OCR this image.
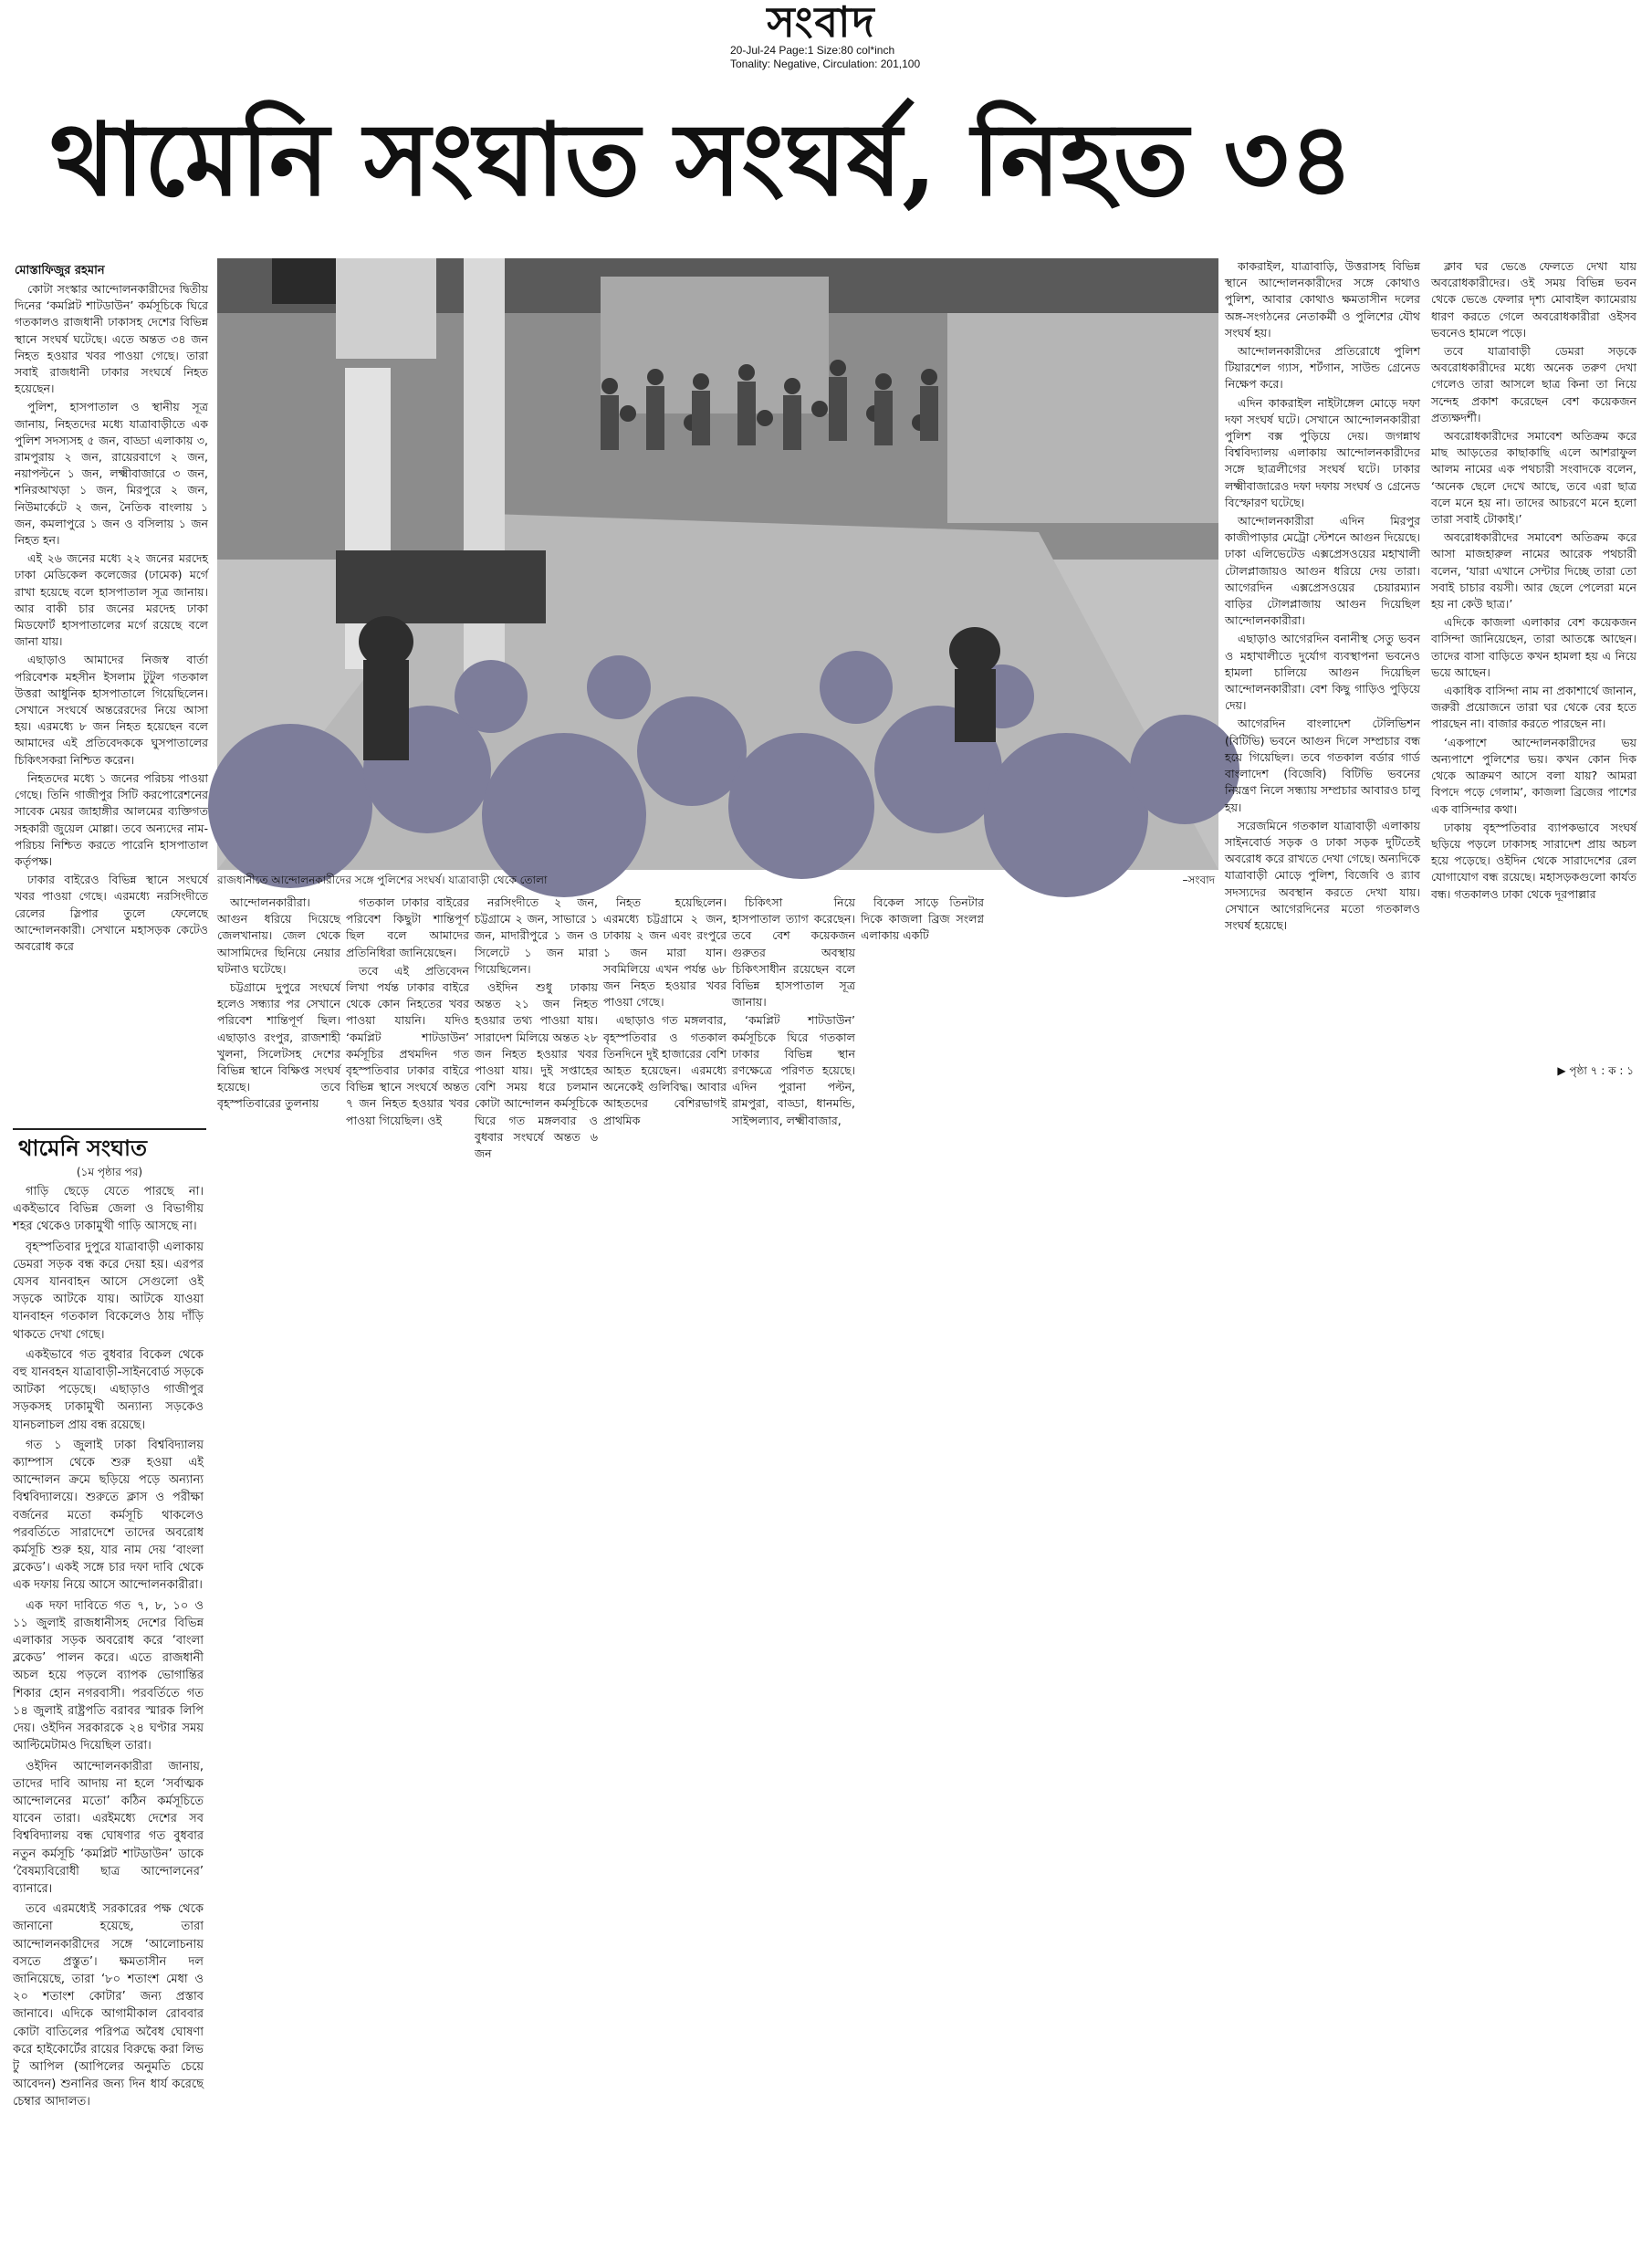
সংবাদ
20-Jul-24 Page:1 Size:80 col*inch
Tonality: Negative, Circulation: 201,100
থামেনি সংঘাত সংঘর্ষ, নিহত ৩৪
মোস্তাফিজুর রহমান

কোটা সংস্কার আন্দোলনকারীদের দ্বিতীয় দিনের ‘কমপ্লিট শাটডাউন’ কর্মসূচিকে ঘিরে গতকালও রাজধানী ঢাকাসহ দেশের বিভিন্ন স্থানে সংঘর্ষ ঘটেছে। এতে অন্তত ৩৪ জন নিহত হওয়ার খবর পাওয়া গেছে। তারা সবাই রাজধানী ঢাকার সংঘর্ষে নিহত হয়েছেন।

পুলিশ, হাসপাতাল ও স্থানীয় সূত্র জানায়, নিহতদের মধ্যে যাত্রাবাড়ীতে এক পুলিশ সদস্যসহ ৫ জন, বাড্ডা এলাকায় ৩, রামপুরায় ২ জন, রায়েরবাগে ২ জন, নয়াপল্টনে ১ জন, লক্ষ্মীবাজারে ৩ জন, শনিরআখড়া ১ জন, মিরপুরে ২ জন, নিউমার্কেটে ২ জন, নৈতিক বাংলায় ১ জন, কমলাপুরে ১ জন ও বসিলায় ১ জন নিহত হন।

এই ২৬ জনের মধ্যে ২২ জনের মরদেহ ঢাকা মেডিকেল কলেজের (ঢামেক) মর্গে রাখা হয়েছে বলে হাসপাতাল সূত্র জানায়। আর বাকী চার জনের মরদেহ ঢাকা মিডফোর্ট হাসপাতালের মর্গে রয়েছে বলে জানা যায়।

এছাড়াও আমাদের নিজস্ব বার্তা পরিবেশক মহসীন ইসলাম টুটুল গতকাল উত্তরা আধুনিক হাসপাতালে গিয়েছিলেন। সেখানে সংঘর্ষে অন্তরেরদের নিয়ে আসা হয়। এরমধ্যে ৮ জন নিহত হয়েছেন বলে আমাদের এই প্রতিবেদককে ঘুসপাতালের চিকিৎসকরা নিশ্চিত করেন।

নিহতদের মধ্যে ১ জনের পরিচয় পাওয়া গেছে। তিনি গাজীপুর সিটি করপোরেশনের সাবেক মেয়র জাহাঙ্গীর আলমের ব্যক্তিগত সহকারী জুয়েল মোল্লা। তবে অন্যদের নাম-পরিচয় নিশ্চিত করতে পারেনি হাসপাতাল কর্তৃপক্ষ।

ঢাকার বাইরেও বিভিন্ন স্থানে সংঘর্ষে খবর পাওয়া গেছে। এরমধ্যে নরসিংদীতে রেলের স্লিপার তুলে ফেলেছে আন্দোলনকারী। সেখানে মহাসড়ক কেটেও অবরোধ করে

রাজধানীতে আন্দোলনকারীদের সঙ্গে পুলিশের সংঘর্ষ। যাত্রাবাড়ী থেকে তোলা	–সংবাদ

আন্দোলনকারীরা। আগুন ধরিয়ে দিয়েছে জেলখানায়। জেল থেকে আসামিদের ছিনিয়ে নেয়ার ঘটনাও ঘটেছে।

চট্টগ্রামে দুপুরে সংঘর্ষে হলেও সন্ধ্যার পর সেখানে পরিবেশ শান্তিপূর্ণ ছিল। এছাড়াও রংপুর, রাজশাহী খুলনা, সিলেটসহ দেশের বিভিন্ন স্থানে বিক্ষিপ্ত সংঘর্ষ হয়েছে। তবে বৃহস্পতিবারের তুলনায়

গতকাল ঢাকার বাইরের পরিবেশ কিছুটা শান্তিপূর্ণ ছিল বলে আমাদের প্রতিনিধিরা জানিয়েছেন।

তবে এই প্রতিবেদন লিখা পর্যন্ত ঢাকার বাইরে থেকে কোন নিহতের খবর পাওয়া যায়নি। যদিও ‘কমপ্লিট শাটডাউন’ কর্মসূচির প্রথমদিন গত বৃহস্পতিবার ঢাকার বাইরে বিভিন্ন স্থানে সংঘর্ষে অন্তত ৭ জন নিহত হওয়ার খবর পাওয়া গিয়েছিল। ওই

নরসিংদীতে ২ জন, চট্টগ্রামে ২ জন, সাভারে ১ জন, মাদারীপুরে ১ জন ও সিলেটে ১ জন মারা গিয়েছিলেন।

ওইদিন শুধু ঢাকায় অন্তত ২১ জন নিহত হওয়ার তথ্য পাওয়া যায়। সারাদেশ মিলিয়ে অন্তত ২৮ জন নিহত হওয়ার খবর পাওয়া যায়। দুই সপ্তাহের বেশি সময় ধরে চলমান কোটা আন্দোলন কর্মসূচিকে ঘিরে গত মঙ্গলবার ও বুধবার সংঘর্ষে অন্তত ৬ জন

নিহত হয়েছিলেন। এরমধ্যে চট্টগ্রামে ২ জন, ঢাকায় ২ জন এবং রংপুরে ১ জন মারা যান। সবমিলিয়ে এখন পর্যন্ত ৬৮ জন নিহত হওয়ার খবর পাওয়া গেছে।

এছাড়াও গত মঙ্গলবার, বৃহস্পতিবার ও গতকাল তিনদিনে দুই হাজারের বেশি আহত হয়েছেন। এরমধ্যে অনেকেই গুলিবিদ্ধ। আবার আহতদের বেশিরভাগই প্রাথমিক

চিকিৎসা নিয়ে হাসপাতাল ত্যাগ করেছেন। তবে বেশ কয়েকজন গুরুতর অবস্থায় চিকিৎসাধীন রয়েছেন বলে বিভিন্ন হাসপাতাল সূত্র জানায়।

‘কমপ্লিট শাটডাউন’ কর্মসূচিকে ঘিরে গতকাল ঢাকার বিভিন্ন স্থান রণক্ষেত্রে পরিণত হয়েছে। এদিন পুরানা পল্টন, রামপুরা, বাড্ডা, ধানমন্ডি, সাইন্সল্যাব, লক্ষ্মীবাজার,

বিকেল সাড়ে তিনটার দিকে কাজলা ব্রিজ সংলগ্ন এলাকায় একটি

কাকরাইল, যাত্রাবাড়ি, উত্তরাসহ বিভিন্ন স্থানে আন্দোলনকারীদের সঙ্গে কোথাও পুলিশ, আবার কোথাও ক্ষমতাসীন দলের অঙ্গ-সংগঠনের নেতাকর্মী ও পুলিশের যৌথ সংঘর্ষ হয়।

আন্দোলনকারীদের প্রতিরোধে পুলিশ টিয়ারশেল গ্যাস, শর্টগান, সাউন্ড গ্রেনেড নিক্ষেপ করে।

এদিন কাকরাইল নাইটাঙ্গেল মোড়ে দফা দফা সংঘর্ষ ঘটে। সেখানে আন্দোলনকারীরা পুলিশ বক্স পুড়িয়ে দেয়। জগন্নাথ বিশ্ববিদ্যালয় এলাকায় আন্দোলনকারীদের সঙ্গে ছাত্রলীগের সংঘর্ষ ঘটে। ঢাকার লক্ষ্মীবাজারেও দফা দফায় সংঘর্ষ ও গ্রেনেড বিস্ফোরণ ঘটেছে।

আন্দোলনকারীরা এদিন মিরপুর কাজীপাড়ার মেট্রো স্টেশনে আগুন দিয়েছে। ঢাকা এলিভেটেড এক্সপ্রেসওয়ের মহাখালী টোলপ্লাজায়ও আগুন ধরিয়ে দেয় তারা। আগেরদিন এক্সপ্রেসওয়ের চেয়ারম্যান বাড়ির টোলপ্লাজায় আগুন দিয়েছিল আন্দোলনকারীরা।

এছাড়াও আগেরদিন বনানীস্থ সেতু ভবন ও মহাখালীতে দুর্যোগ ব্যবস্থাপনা ভবনেও হামলা চালিয়ে আগুন দিয়েছিল আন্দোলনকারীরা। বেশ কিছু গাড়িও পুড়িয়ে দেয়।

আগেরদিন বাংলাদেশ টেলিভিশন (বিটিভি) ভবনে আগুন দিলে সম্প্রচার বন্ধ হয়ে গিয়েছিল। তবে গতকাল বর্ডার গার্ড বাংলাদেশ (বিজেবি) বিটিভি ভবনের নিয়ন্ত্রণ নিলে সন্ধ্যায় সম্প্রচার আবারও চালু হয়।

সরেজমিনে গতকাল যাত্রাবাড়ী এলাকায় সাইনবোর্ড সড়ক ও ঢাকা সড়ক দুটিতেই অবরোধ করে রাখতে দেখা গেছে। অন্যদিকে যাত্রাবাড়ী মোড়ে পুলিশ, বিজেবি ও র‍্যাব সদস্যদের অবস্থান করতে দেখা যায়। সেখানে আগেরদিনের মতো গতকালও সংঘর্ষ হয়েছে।

ক্লাব ঘর ভেঙে ফেলতে দেখা যায় অবরোধকারীদের। ওই সময় বিভিন্ন ভবন থেকে ভেঙে ফেলার দৃশ্য মোবাইল ক্যামেরায় ধারণ করতে গেলে অবরোধকারীরা ওইসব ভবনেও হামলে পড়ে।

তবে যাত্রাবাড়ী ডেমরা সড়কে অবরোধকারীদের মধ্যে অনেক তরুণ দেখা গেলেও তারা আসলে ছাত্র কিনা তা নিয়ে সন্দেহ প্রকাশ করেছেন বেশ কয়েকজন প্রত্যক্ষদর্শী।

অবরোধকারীদের সমাবেশ অতিক্রম করে মাছ আড়তের কাছাকাছি এলে আশরাফুল আলম নামের এক পথচারী সংবাদকে বলেন, ‘অনেক ছেলে দেখে আছে, তবে এরা ছাত্র বলে মনে হয় না। তাদের আচরণে মনে হলো তারা সবাই টোকাই।’

অবরোধকারীদের সমাবেশ অতিক্রম করে আসা মাজহারুল নামের আরেক পথচারী বলেন, ‘যারা এখানে সেন্টার দিচ্ছে তারা তো সবাই চাচার বয়সী। আর ছেলে পেলেরা মনে হয় না কেউ ছাত্র।’

এদিকে কাজলা এলাকার বেশ কয়েকজন বাসিন্দা জানিয়েছেন, তারা আতঙ্কে আছেন। তাদের বাসা বাড়িতে কখন হামলা হয় এ নিয়ে ভয়ে আছেন।

একাধিক বাসিন্দা নাম না প্রকাশার্থে জানান, জরুরী প্রয়োজনে তারা ঘর থেকে বের হতে পারছেন না। বাজার করতে পারছেন না।

‘একপাশে আন্দোলনকারীদের ভয় অন্যপাশে পুলিশের ভয়। কখন কোন দিক থেকে আক্রমণ আসে বলা যায়? আমরা বিপদে পড়ে গেলাম’, কাজলা ব্রিজের পাশের এক বাসিন্দার কথা।

ঢাকায় বৃহস্পতিবার ব্যাপকভাবে সংঘর্ষ ছড়িয়ে পড়লে ঢাকাসহ সারাদেশ প্রায় অচল হয়ে পড়েছে। ওইদিন থেকে সারাদেশের রেল যোগাযোগ বন্ধ রয়েছে। মহাসড়কগুলো কার্যত বন্ধ। গতকালও ঢাকা থেকে দূরপাল্লার

▶ পৃষ্ঠা ৭ : ক : ১
থামেনি সংঘাত
(১ম পৃষ্ঠার পর)

গাড়ি ছেড়ে যেতে পারছে না। একইভাবে বিভিন্ন জেলা ও বিভাগীয় শহর থেকেও ঢাকামুখী গাড়ি আসছে না।

বৃহস্পতিবার দুপুরে যাত্রাবাড়ী এলাকায় ডেমরা সড়ক বন্ধ করে দেয়া হয়। এরপর যেসব যানবাহন আসে সেগুলো ওই সড়কে আটকে যায়। আটকে যাওয়া যানবাহন গতকাল বিকেলেও ঠায় দাঁড়ি থাকতে দেখা গেছে।

একইভাবে গত বুধবার বিকেল থেকে বহু যানবহন যাত্রাবাড়ী-সাইনবোর্ড সড়কে আটকা পড়েছে। এছাড়াও গাজীপুর সড়কসহ ঢাকামুখী অন্যান্য সড়কেও যানচলাচল প্রায় বন্ধ রয়েছে।

গত ১ জুলাই ঢাকা বিশ্ববিদ্যালয় ক্যাম্পাস থেকে শুরু হওয়া এই আন্দোলন ক্রমে ছড়িয়ে পড়ে অন্যান্য বিশ্ববিদ্যালয়ে। শুরুতে ক্লাস ও পরীক্ষা বর্জনের মতো কর্মসূচি থাকলেও পরবর্তিতে সারাদেশে তাদের অবরোধ কর্মসূচি শুরু হয়, যার নাম দেয় ‘বাংলা ব্লকেড’। একই সঙ্গে চার দফা দাবি থেকে এক দফায় নিয়ে আসে আন্দোলনকারীরা।

এক দফা দাবিতে গত ৭, ৮, ১০ ও ১১ জুলাই রাজধানীসহ দেশের বিভিন্ন এলাকার সড়ক অবরোধ করে ‘বাংলা ব্লকেড’ পালন করে। এতে রাজধানী অচল হয়ে পড়লে ব্যাপক ভোগান্তির শিকার হোন নগরবাসী। পরবর্তিতে গত ১৪ জুলাই রাষ্ট্রপতি বরাবর স্মারক লিপি দেয়। ওইদিন সরকারকে ২৪ ঘণ্টার সময় আল্টিমেটামও দিয়েছিল তারা।

ওইদিন আন্দোলনকারীরা জানায়, তাদের দাবি আদায় না হলে ‘সর্বাত্মক আন্দোলনের মতো’ কঠিন কর্মসূচিতে যাবেন তারা। এরইমধ্যে দেশের সব বিশ্ববিদ্যালয় বন্ধ ঘোষণার গত বুধবার নতুন কর্মসূচি ‘কমপ্লিট শাটডাউন’ ডাকে ‘বৈষম্যবিরোধী ছাত্র আন্দোলনের’ ব্যানারে।

তবে এরমধ্যেই সরকারের পক্ষ থেকে জানানো হয়েছে, তারা আন্দোলনকারীদের সঙ্গে ‘আলোচনায় বসতে প্রস্তুত’। ক্ষমতাসীন দল জানিয়েছে, তারা ‘৮০ শতাংশ মেধা ও ২০ শতাংশ কোটার’ জন্য প্রস্তাব জানাবে। এদিকে আগামীকাল রোববার কোটা বাতিলের পরিপত্র অবৈধ ঘোষণা করে হাইকোর্টের রায়ের বিরুদ্ধে করা লিভ টু আপিল (আপিলের অনুমতি চেয়ে আবেদন) শুনানির জন্য দিন ধার্য করেছে চেম্বার আদালত।
